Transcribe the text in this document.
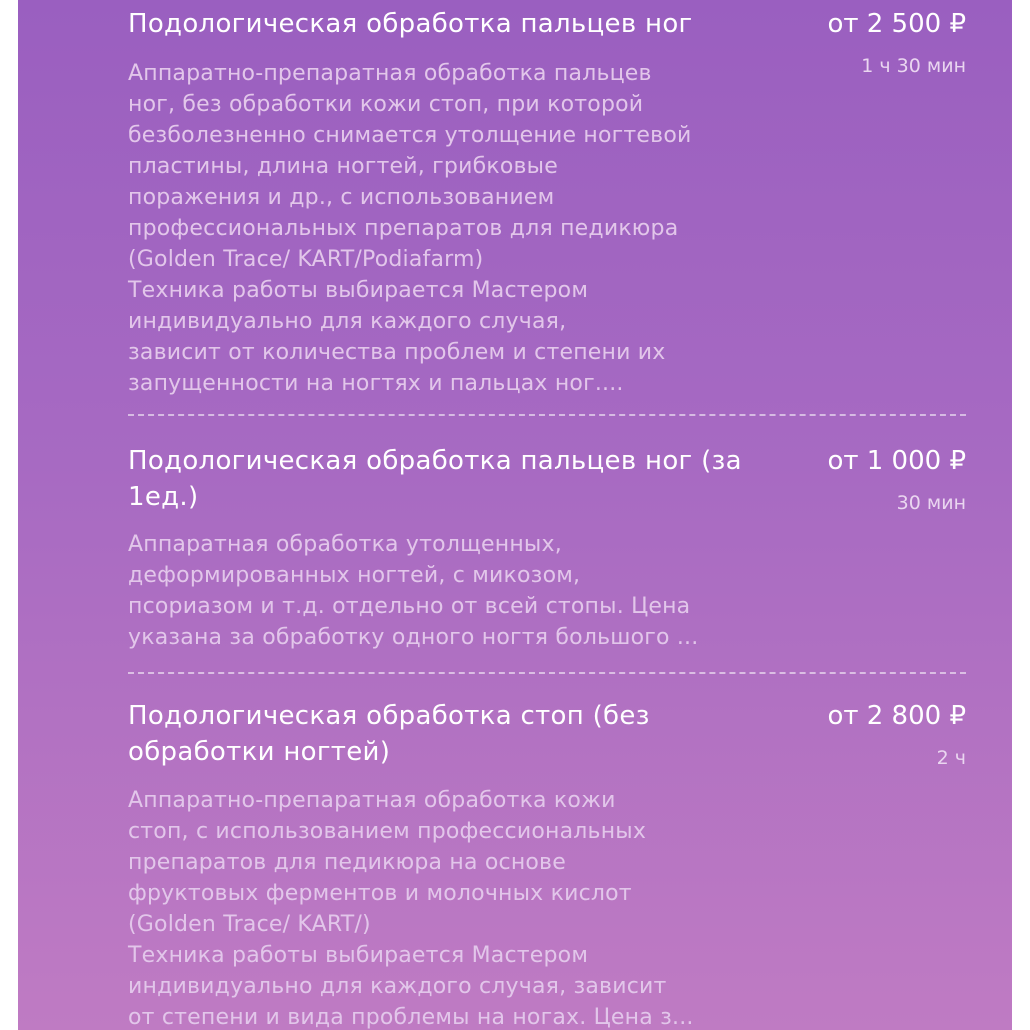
Подологическая обработка пальцев ног	от 2 500 ₽
1 ч 30 мин
Аппаратно-препаратная обработка пальцев
ног, без обработки кожи стоп, при которой
безболезненно снимается утолщение ногтевой
пластины, длина ногтей, грибковые
поражения и др., с использованием
профессиональных препаратов для педикюра
(Golden Trace/ KART/Podiafarm)
Техника работы выбирается Мастером
индивидуально для каждого случая,
зависит от количества проблем и степени их
запущенности на ногтях и пальцах ног....
Подологическая обработка пальцев ног (за 1ед.)
от 1 000 ₽
30 мин
Аппаратная обработка утолщенных,
деформированных ногтей, с микозом,
псориазом и т.д. отдельно от всей стопы. Цена
указана за обработку одного ногтя большого ...
Подологическая обработка стоп (без обработки ногтей)
от 2 800 ₽
2 ч
Аппаратно-препаратная обработка кожи
стоп, с использованием профессиональных
препаратов для педикюра на основе
фруктовых ферментов и молочных кислот
(Golden Trace/ KART/)
Техника работы выбирается Мастером
индивидуально для каждого случая, зависит
от степени и вида проблемы на ногах. Цена з...
